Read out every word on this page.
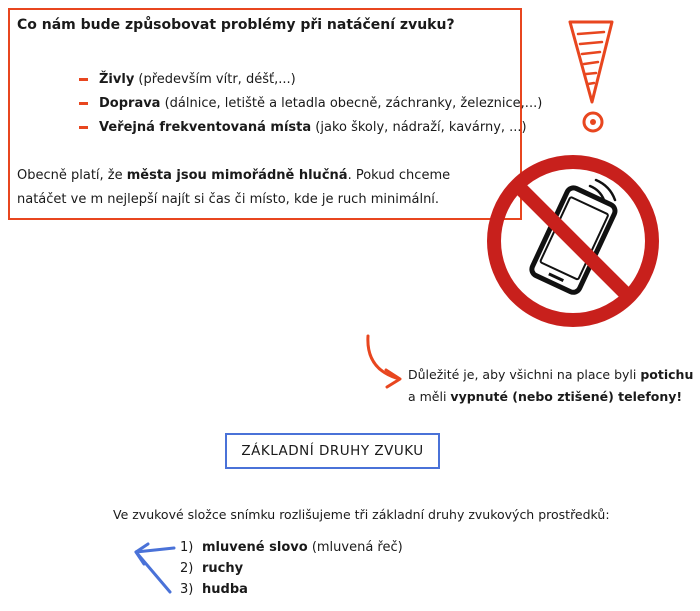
Co nám bude způsobovat problémy při natáčení zvuku?
Živly (především vítr, déšť,...)
Doprava (dálnice, letiště a letadla obecně, záchranky, železnice,...)
Veřejná frekventovaná místa (jako školy, nádraží, kavárny, ...)
Obecně platí, že města jsou mimořádně hlučná. Pokud chceme natáčet ve m nejlepší najít si čas či místo, kde je ruch minimální.
Důležité je, aby všichni na place byli potichu a měli vypnuté (nebo ztišené) telefony!
ZÁKLADNÍ DRUHY ZVUKU
Ve zvukové složce snímku rozlišujeme tři základní druhy zvukových prostředků:
1) mluvené slovo (mluvená řeč)
2) ruchy
3) hudba
